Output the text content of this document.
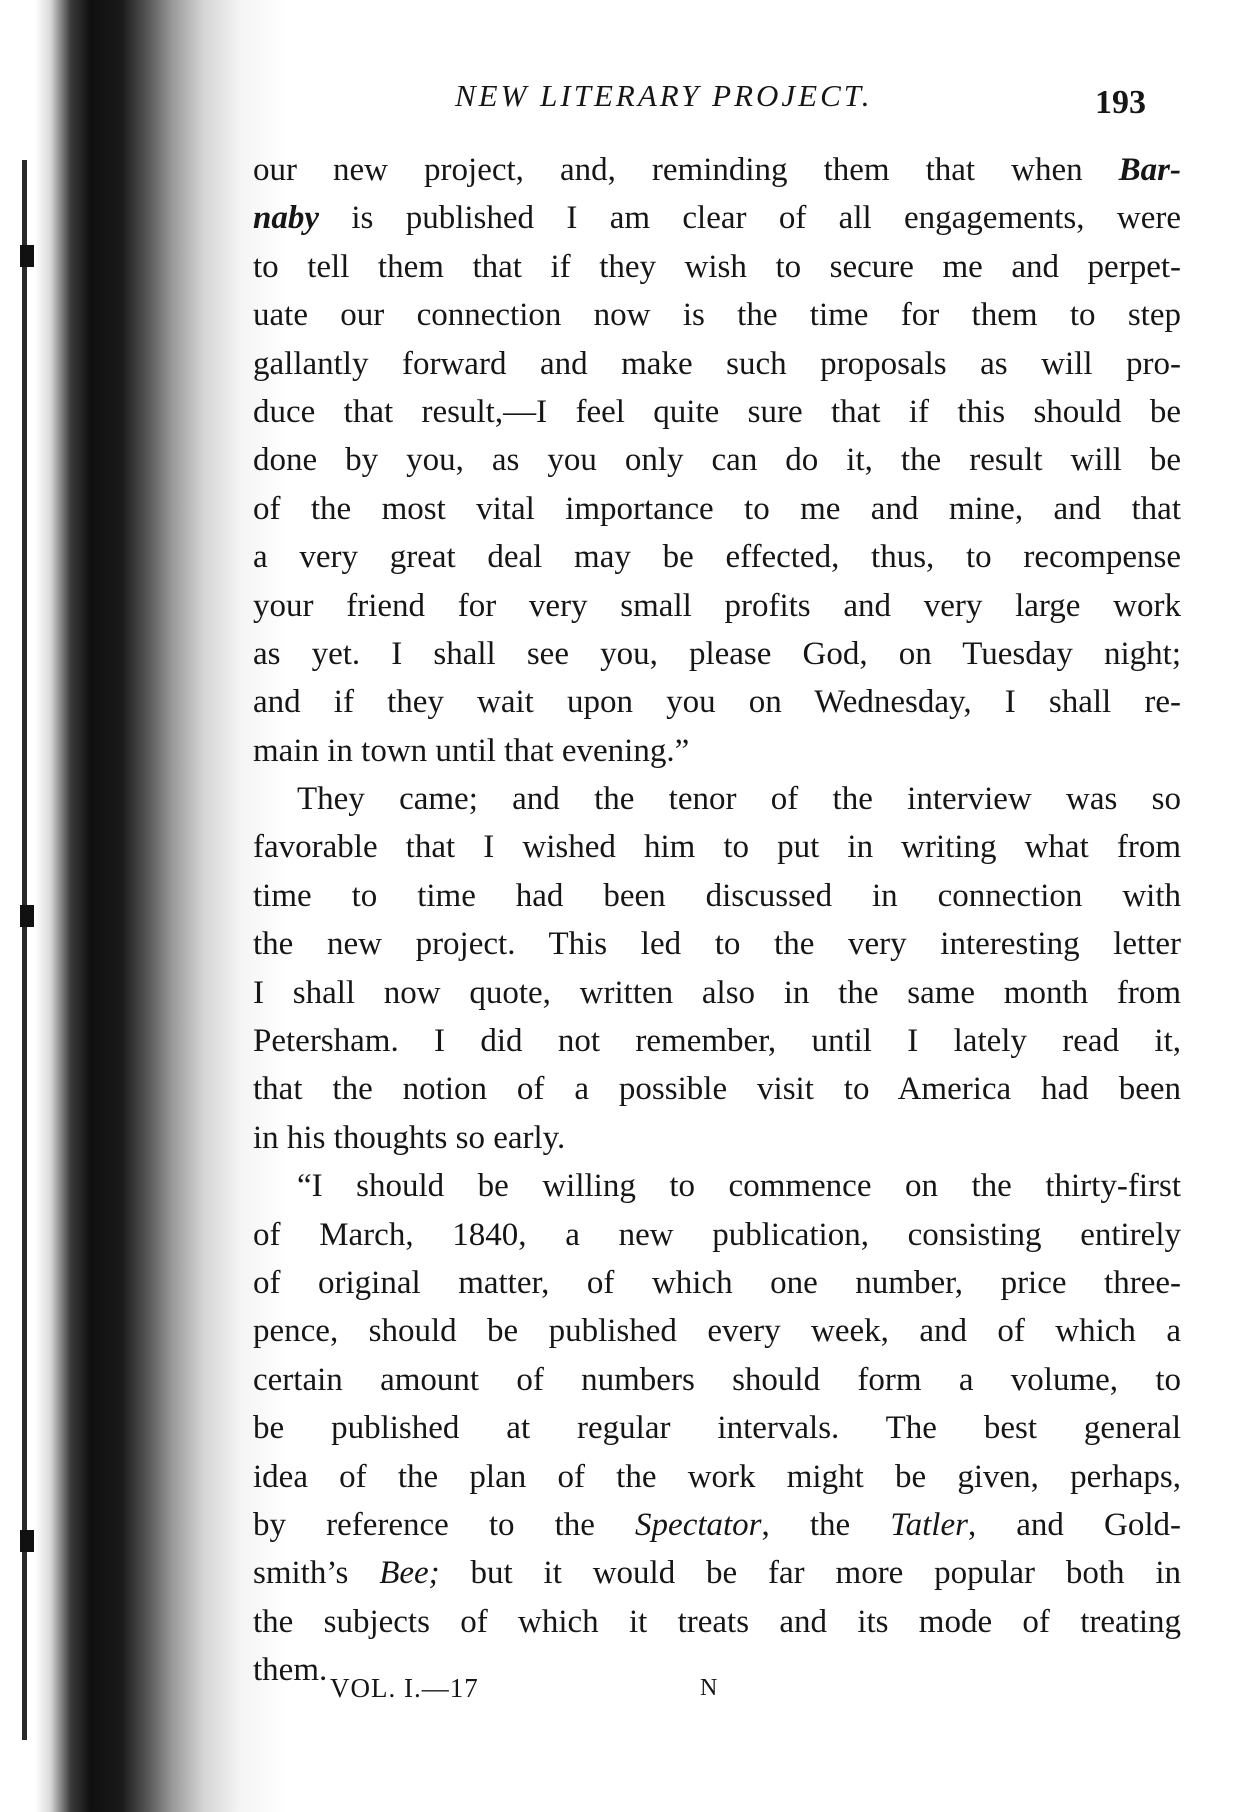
NEW LITERARY PROJECT.	193
our new project, and, reminding them that when Bar-
naby is published I am clear of all engagements, were
to tell them that if they wish to secure me and perpet-
uate our connection now is the time for them to step
gallantly forward and make such proposals as will pro-
duce that result,—I feel quite sure that if this should be
done by you, as you only can do it, the result will be
of the most vital importance to me and mine, and that
a very great deal may be effected, thus, to recompense
your friend for very small profits and very large work
as yet. I shall see you, please God, on Tuesday night;
and if they wait upon you on Wednesday, I shall re-
main in town until that evening.”
They came; and the tenor of the interview was so
favorable that I wished him to put in writing what from
time to time had been discussed in connection with
the new project. This led to the very interesting letter
I shall now quote, written also in the same month from
Petersham. I did not remember, until I lately read it,
that the notion of a possible visit to America had been
in his thoughts so early.
“I should be willing to commence on the thirty-first
of March, 1840, a new publication, consisting entirely
of original matter, of which one number, price three-
pence, should be published every week, and of which a
certain amount of numbers should form a volume, to
be published at regular intervals. The best general
idea of the plan of the work might be given, perhaps,
by reference to the Spectator, the Tatler, and Gold-
smith’s Bee; but it would be far more popular both in
the subjects of which it treats and its mode of treating
them. VOL. I.—17	N
